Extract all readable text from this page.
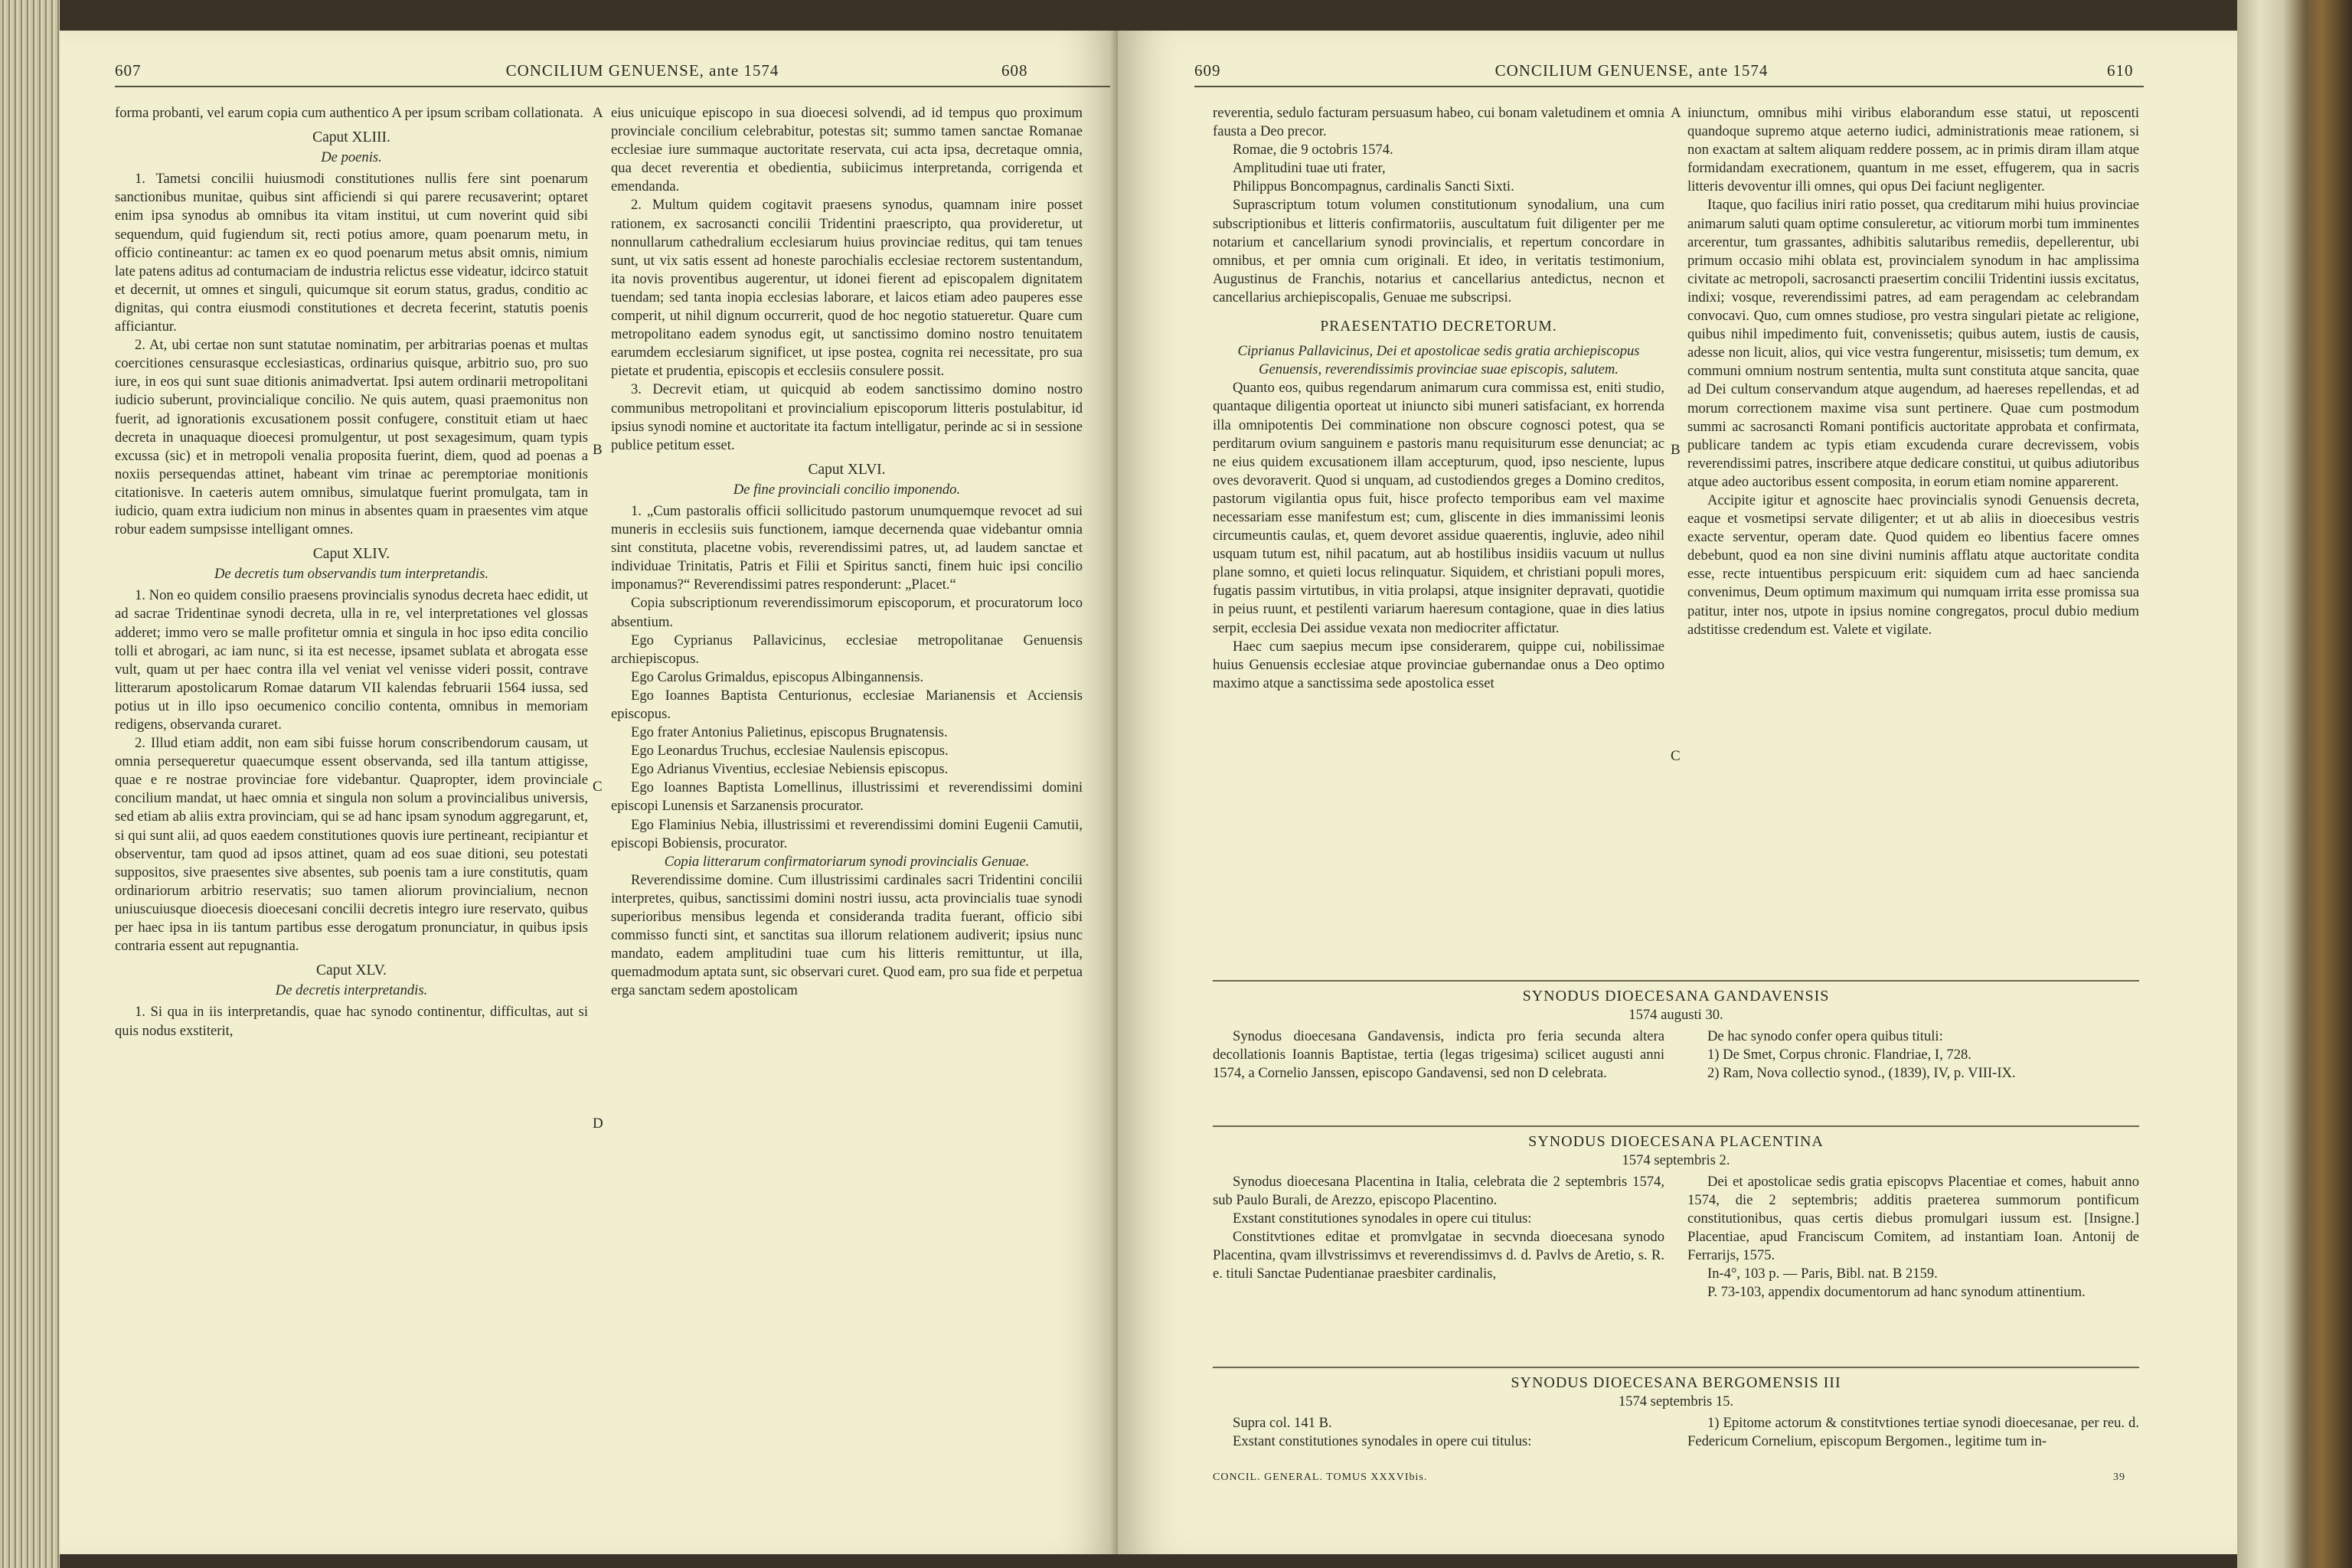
607	CONCILIUM GENUENSE, ante 1574	608

forma probanti, vel earum copia cum authentico A per ipsum scribam collationata.

Caput XLIII.

De poenis.

1. Tametsi concilii huiusmodi constitutiones nullis fere sint poenarum sanctionibus munitae, quibus sint afficiendi si qui parere recusaverint; optaret enim ipsa synodus ab omnibus ita vitam institui, ut cum noverint quid sibi sequendum, quid fugiendum sit, recti potius amore, quam poenarum metu, in officio contineantur: ac tamen ex eo quod poenarum metus absit omnis, nimium late patens aditus ad contumaciam de industria relictus esse videatur, idcirco statuit et decernit, ut omnes et singuli, quicumque sit eorum status, gradus, conditio ac dignitas, qui contra eiusmodi constitutiones et decreta fecerint, statutis poenis afficiantur.

2. At, ubi certae non sunt statutae nominatim, per arbitrarias poenas et multas coercitiones censurasque ecclesiasticas, ordinarius quisque, arbitrio suo, pro suo iure, in eos qui sunt suae ditionis animadvertat. Ipsi autem ordinarii metropolitani iudicio suberunt, provincialique concilio. Ne quis autem, quasi praemonitus non fuerit, ad ignorationis excusationem possit confugere, constituit etiam ut haec decreta in unaquaque dioecesi promulgentur, ut post sexagesimum, quam typis excussa (sic) et in metropoli venalia proposita fuerint, diem, quod ad poenas a noxiis persequendas attinet, habeant vim trinae ac peremptoriae monitionis citationisve. In caeteris autem omnibus, simulatque fuerint promulgata, tam in iudicio, quam extra iudicium non minus in absentes quam in praesentes vim atque robur eadem sumpsisse intelligant omnes.

Caput XLIV.

De decretis tum observandis tum interpretandis.

1. Non eo quidem consilio praesens provincialis synodus decreta haec edidit, ut ad sacrae Tridentinae synodi decreta, ulla in re, vel interpretationes vel glossas adderet; immo vero se malle profitetur omnia et singula in hoc ipso edita concilio tolli et abrogari, ac iam nunc, si ita est necesse, ipsamet sublata et abrogata esse vult, quam ut per haec contra illa vel veniat vel venisse videri possit, contrave litterarum apostolicarum Romae datarum VII kalendas februarii 1564 iussa, sed potius ut in illo ipso oecumenico concilio contenta, omnibus in memoriam redigens, observanda curaret.

2. Illud etiam addit, non eam sibi fuisse horum conscribendorum causam, ut omnia persequeretur quaecumque essent observanda, sed illa tantum attigisse, quae e re nostrae provinciae fore videbantur. Quapropter, idem provinciale concilium mandat, ut haec omnia et singula non solum a provincialibus universis, sed etiam ab aliis extra provinciam, qui se ad hanc ipsam synodum aggregarunt, et, si qui sunt alii, ad quos eaedem constitutiones quovis iure pertineant, recipiantur et observentur, tam quod ad ipsos attinet, quam ad eos suae ditioni, seu potestati suppositos, sive praesentes sive absentes, sub poenis tam a iure constitutis, quam ordinariorum arbitrio reservatis; suo tamen aliorum provincialium, necnon uniuscuiusque dioecesis dioecesani concilii decretis integro iure reservato, quibus per haec ipsa in iis tantum partibus esse derogatum pronunciatur, in quibus ipsis contraria essent aut repugnantia.

Caput XLV.

De decretis interpretandis.

1. Si qua in iis interpretandis, quae hac synodo continentur, difficultas, aut si quis nodus exstiterit,

eius unicuique episcopo in sua dioecesi solvendi, ad id tempus quo proximum provinciale concilium celebrabitur, potestas sit; summo tamen sanctae Romanae ecclesiae iure summaque auctoritate reservata, cui acta ipsa, decretaque omnia, qua decet reverentia et obedientia, subiicimus interpretanda, corrigenda et emendanda.

2. Multum quidem cogitavit praesens synodus, quamnam inire posset rationem, ex sacrosancti concilii Tridentini praescripto, qua provideretur, ut nonnullarum cathedralium ecclesiarum huius provinciae reditus, qui tam tenues sunt, ut vix satis essent ad honeste parochialis ecclesiae rectorem sustentandum, ita novis proventibus augerentur, ut idonei fierent ad episcopalem dignitatem tuendam; sed tanta inopia ecclesias laborare, et laicos etiam adeo pauperes esse comperit, ut nihil dignum occurrerit, quod de hoc negotio statueretur. Quare cum metropolitano eadem synodus egit, ut sanctissimo domino nostro tenuitatem earumdem ecclesiarum significet, ut ipse postea, cognita rei necessitate, pro sua pietate et prudentia, episcopis et ecclesiis consulere possit.

3. Decrevit etiam, ut quicquid ab eodem sanctissimo domino nostro communibus metropolitani et provincialium episcoporum litteris postulabitur, id ipsius synodi nomine et auctoritate ita factum intelligatur, perinde ac si in sessione publice petitum esset.

Caput XLVI.

De fine provinciali concilio imponendo.

1. „Cum pastoralis officii sollicitudo pastorum unumquemque revocet ad sui muneris in ecclesiis suis functionem, iamque decernenda quae videbantur omnia sint constituta, placetne vobis, reverendissimi patres, ut, ad laudem sanctae et individuae Trinitatis, Patris et Filii et Spiritus sancti, finem huic ipsi concilio imponamus?“ Reverendissimi patres responderunt: „Placet.“

Copia subscriptionum reverendissimorum episcoporum, et procuratorum loco absentium.

Ego Cyprianus Pallavicinus, ecclesiae metropolitanae Genuensis archiepiscopus.

Ego Carolus Grimaldus, episcopus Albingannensis.

Ego Ioannes Baptista Centurionus, ecclesiae Marianensis et Acciensis episcopus.

Ego frater Antonius Palietinus, episcopus Brugnatensis.

Ego Leonardus Truchus, ecclesiae Naulensis episcopus.

Ego Adrianus Viventius, ecclesiae Nebiensis episcopus.

Ego Ioannes Baptista Lomellinus, illustrissimi et reverendissimi domini episcopi Lunensis et Sarzanensis procurator.

Ego Flaminius Nebia, illustrissimi et reverendissimi domini Eugenii Camutii, episcopi Bobiensis, procurator.

Copia litterarum confirmatoriarum synodi provincialis Genuae.

Reverendissime domine. Cum illustrissimi cardinales sacri Tridentini concilii interpretes, quibus, sanctissimi domini nostri iussu, acta provincialis tuae synodi superioribus mensibus legenda et consideranda tradita fuerant, officio sibi commisso functi sint, et sanctitas sua illorum relationem audiverit; ipsius nunc mandato, eadem amplitudini tuae cum his litteris remittuntur, ut illa, quemadmodum aptata sunt, sic observari curet. Quod eam, pro sua fide et perpetua erga sanctam sedem apostolicam

A
B
C
D
609	CONCILIUM GENUENSE, ante 1574	610

reverentia, sedulo facturam persuasum habeo, cui bonam valetudinem et omnia fausta a Deo precor.

Romae, die 9 octobris 1574.

Amplitudini tuae uti frater,

Philippus Boncompagnus, cardinalis Sancti Sixti.

Suprascriptum totum volumen constitutionum synodalium, una cum subscriptionibus et litteris confirmatoriis, auscultatum fuit diligenter per me notarium et cancellarium synodi provincialis, et repertum concordare in omnibus, et per omnia cum originali. Et ideo, in veritatis testimonium, Augustinus de Franchis, notarius et cancellarius antedictus, necnon et cancellarius archiepiscopalis, Genuae me subscripsi.

PRAESENTATIO DECRETORUM.

Ciprianus Pallavicinus, Dei et apostolicae sedis gratia archiepiscopus Genuensis, reverendissimis provinciae suae episcopis, salutem.

Quanto eos, quibus regendarum animarum cura commissa est, eniti studio, quantaque diligentia oporteat ut iniuncto sibi muneri satisfaciant, ex horrenda illa omnipotentis Dei comminatione non obscure cognosci potest, qua se perditarum ovium sanguinem e pastoris manu requisiturum esse denunciat; ac ne eius quidem excusationem illam accepturum, quod, ipso nesciente, lupus oves devoraverit. Quod si unquam, ad custodiendos greges a Domino creditos, pastorum vigilantia opus fuit, hisce profecto temporibus eam vel maxime necessariam esse manifestum est; cum, gliscente in dies immanissimi leonis circumeuntis caulas, et, quem devoret assidue quaerentis, ingluvie, adeo nihil usquam tutum est, nihil pacatum, aut ab hostilibus insidiis vacuum ut nullus plane somno, et quieti locus relinquatur. Siquidem, et christiani populi mores, fugatis passim virtutibus, in vitia prolapsi, atque insigniter depravati, quotidie in peius ruunt, et pestilenti variarum haeresum contagione, quae in dies latius serpit, ecclesia Dei assidue vexata non mediocriter affictatur.

Haec cum saepius mecum ipse considerarem, quippe cui, nobilissimae huius Genuensis ecclesiae atque provinciae gubernandae onus a Deo optimo maximo atque a sanctissima sede apostolica esset

iniunctum, omnibus mihi viribus elaborandum esse statui, ut reposcenti quandoque supremo atque aeterno iudici, administrationis meae rationem, si non exactam at saltem aliquam reddere possem, ac in primis diram illam atque formidandam execrationem, quantum in me esset, effugerem, qua in sacris litteris devoventur illi omnes, qui opus Dei faciunt negligenter.

Itaque, quo facilius iniri ratio posset, qua creditarum mihi huius provinciae animarum saluti quam optime consuleretur, ac vitiorum morbi tum imminentes arcerentur, tum grassantes, adhibitis salutaribus remediis, depellerentur, ubi primum occasio mihi oblata est, provincialem synodum in hac amplissima civitate ac metropoli, sacrosancti praesertim concilii Tridentini iussis excitatus, indixi; vosque, reverendissimi patres, ad eam peragendam ac celebrandam convocavi. Quo, cum omnes studiose, pro vestra singulari pietate ac religione, quibus nihil impedimento fuit, convenissetis; quibus autem, iustis de causis, adesse non licuit, alios, qui vice vestra fungerentur, misissetis; tum demum, ex communi omnium nostrum sententia, multa sunt constituta atque sancita, quae ad Dei cultum conservandum atque augendum, ad haereses repellendas, et ad morum correctionem maxime visa sunt pertinere. Quae cum postmodum summi ac sacrosancti Romani pontificis auctoritate approbata et confirmata, publicare tandem ac typis etiam excudenda curare decrevissem, vobis reverendissimi patres, inscribere atque dedicare constitui, ut quibus adiutoribus atque adeo auctoribus essent composita, in eorum etiam nomine apparerent.

Accipite igitur et agnoscite haec provincialis synodi Genuensis decreta, eaque et vosmetipsi servate diligenter; et ut ab aliis in dioecesibus vestris exacte serventur, operam date. Quod quidem eo libentius facere omnes debebunt, quod ea non sine divini numinis afflatu atque auctoritate condita esse, recte intuentibus perspicuum erit: siquidem cum ad haec sancienda convenimus, Deum optimum maximum qui numquam irrita esse promissa sua patitur, inter nos, utpote in ipsius nomine congregatos, procul dubio medium adstitisse credendum est. Valete et vigilate.

A
B
C
SYNODUS DIOECESANA GANDAVENSIS
1574 augusti 30.

Synodus dioecesana Gandavensis, indicta pro feria secunda altera decollationis Ioannis Baptistae, tertia (legas trigesima) scilicet augusti anni 1574, a Cornelio Janssen, episcopo Gandavensi, sed non D celebrata.

De hac synodo confer opera quibus tituli:

1) De Smet, Corpus chronic. Flandriae, I, 728.

2) Ram, Nova collectio synod., (1839), IV, p. VIII-IX.

SYNODUS DIOECESANA PLACENTINA
1574 septembris 2.

Synodus dioecesana Placentina in Italia, celebrata die 2 septembris 1574, sub Paulo Burali, de Arezzo, episcopo Placentino.

Exstant constitutiones synodales in opere cui titulus:

Constitvtiones editae et promvlgatae in secvnda dioecesana synodo Placentina, qvam illvstrissimvs et reverendissimvs d. d. Pavlvs de Aretio, s. R. e. tituli Sanctae Pudentianae praesbiter cardinalis,

Dei et apostolicae sedis gratia episcopvs Placentiae et comes, habuit anno 1574, die 2 septembris; additis praeterea summorum pontificum constitutionibus, quas certis diebus promulgari iussum est. [Insigne.] Placentiae, apud Franciscum Comitem, ad instantiam Ioan. Antonij de Ferrarijs, 1575.

In-4°, 103 p. — Paris, Bibl. nat. B 2159.

P. 73-103, appendix documentorum ad hanc synodum attinentium.

SYNODUS DIOECESANA BERGOMENSIS III
1574 septembris 15.

Supra col. 141 B.

Exstant constitutiones synodales in opere cui titulus:

1) Epitome actorum & constitvtiones tertiae synodi dioecesanae, per reu. d. Federicum Cornelium, episcopum Bergomen., legitime tum in-

CONCIL. GENERAL. TOMUS XXXVIbis.	39
